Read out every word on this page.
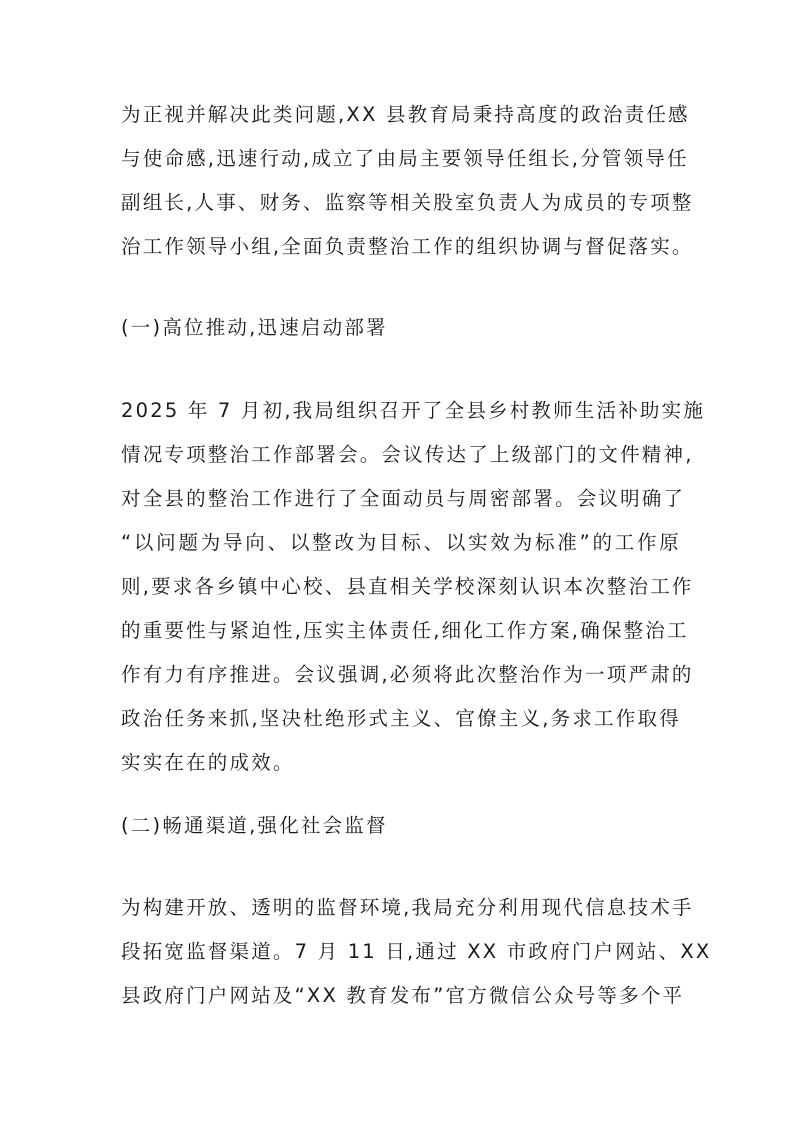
为正视并解决此类问题,XX 县教育局秉持高度的政治责任感
与使命感,迅速行动,成立了由局主要领导任组长,分管领导任
副组长,人事、财务、监察等相关股室负责人为成员的专项整
治工作领导小组,全面负责整治工作的组织协调与督促落实。
(一)高位推动,迅速启动部署
2025 年 7 月初,我局组织召开了全县乡村教师生活补助实施
情况专项整治工作部署会。会议传达了上级部门的文件精神,
对全县的整治工作进行了全面动员与周密部署。会议明确了
“以问题为导向、以整改为目标、以实效为标准”的工作原
则,要求各乡镇中心校、县直相关学校深刻认识本次整治工作
的重要性与紧迫性,压实主体责任,细化工作方案,确保整治工
作有力有序推进。会议强调,必须将此次整治作为一项严肃的
政治任务来抓,坚决杜绝形式主义、官僚主义,务求工作取得
实实在在的成效。
(二)畅通渠道,强化社会监督
为构建开放、透明的监督环境,我局充分利用现代信息技术手
段拓宽监督渠道。7 月 11 日,通过 XX 市政府门户网站、XX
县政府门户网站及“XX 教育发布”官方微信公众号等多个平
